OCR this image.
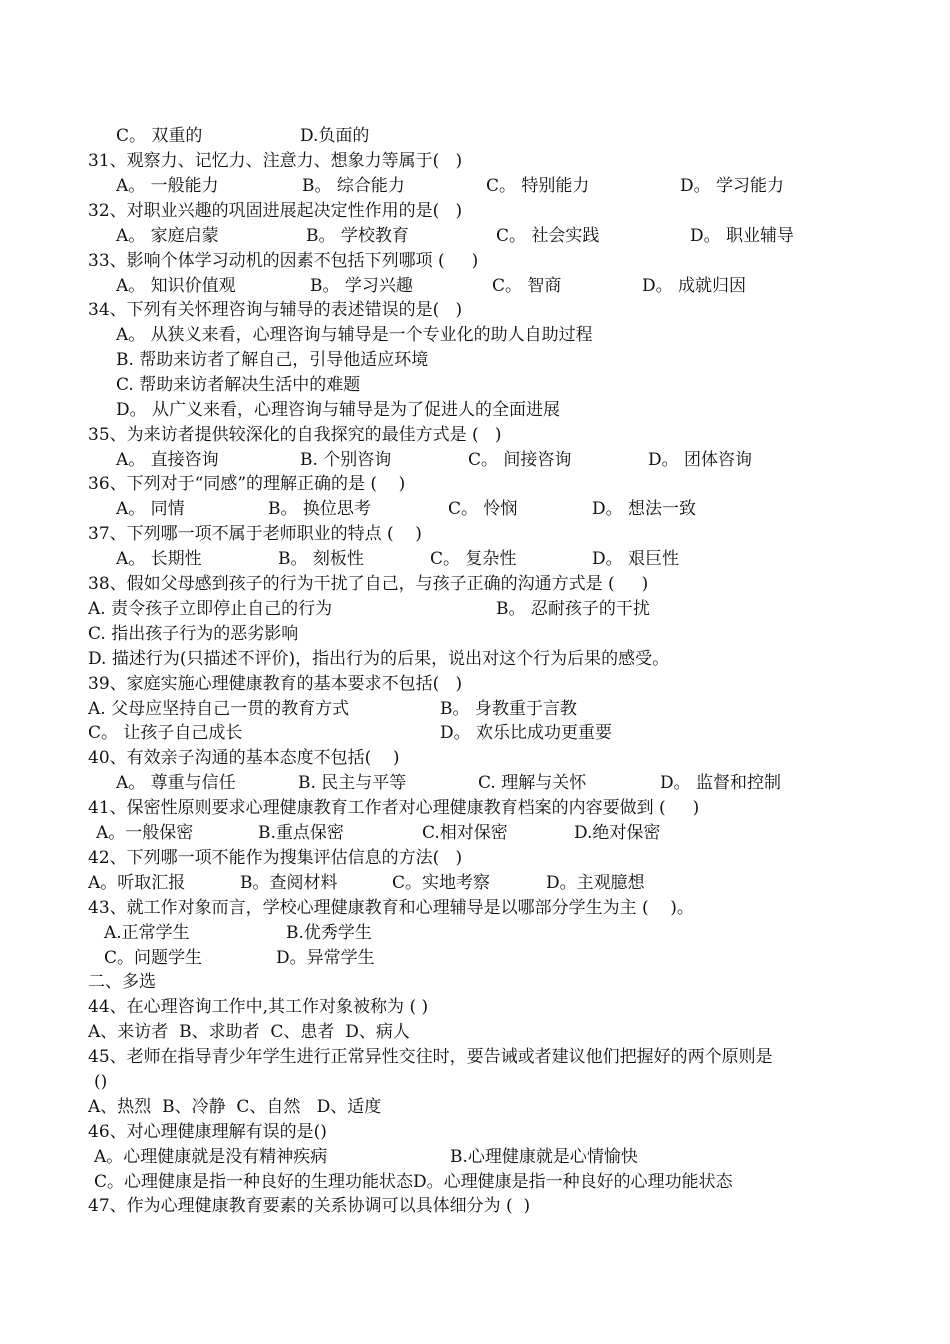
C。 双重的

	D.负面的

31、观察力、记忆力、注意力、想象力等属于(   )

A。 一般能力

	B。 综合能力

	C。 特别能力

	D。 学习能力

32、对职业兴趣的巩固进展起决定性作用的是(   )

A。 家庭启蒙

	B。 学校教育

	C。 社会实践

	D。 职业辅导

33、影响个体学习动机的因素不包括下列哪项 (     )

A。 知识价值观

	B。 学习兴趣

	C。 智商

	D。 成就归因

34、下列有关怀理咨询与辅导的表述错误的是(   )

A。 从狭义来看，心理咨询与辅导是一个专业化的助人自助过程

B. 帮助来访者了解自己，引导他适应环境

C. 帮助来访者解决生活中的难题

D。 从广义来看，心理咨询与辅导是为了促进人的全面进展

35、为来访者提供较深化的自我探究的最佳方式是 (   )

A。 直接咨询

	B. 个别咨询

	C。 间接咨询

	D。 团体咨询

36、下列对于“同感”的理解正确的是 (    )

A。 同情

	B。 换位思考

	C。 怜悯

	D。 想法一致

37、下列哪一项不属于老师职业的特点 (    )

A。 长期性

	B。 刻板性

	C。 复杂性

	D。 艰巨性

38、假如父母感到孩子的行为干扰了自己，与孩子正确的沟通方式是 (     )

A. 责令孩子立即停止自己的行为

	B。 忍耐孩子的干扰

C. 指出孩子行为的恶劣影响

D. 描述行为(只描述不评价)，指出行为的后果，说出对这个行为后果的感受。

39、家庭实施心理健康教育的基本要求不包括(   )

A. 父母应坚持自己一贯的教育方式

	B。 身教重于言教

C。 让孩子自己成长

	D。 欢乐比成功更重要

40、有效亲子沟通的基本态度不包括(    )

A。 尊重与信任

	B. 民主与平等

	C. 理解与关怀

	D。 监督和控制

41、保密性原则要求心理健康教育工作者对心理健康教育档案的内容要做到 (     )

A。一般保密

	B.重点保密

	C.相对保密

	D.绝对保密

42、下列哪一项不能作为搜集评估信息的方法(   )

A。听取汇报

	B。查阅材料

	C。实地考察

	D。主观臆想

43、就工作对象而言，学校心理健康教育和心理辅导是以哪部分学生为主 (    )。

A.正常学生

	B.优秀学生

C。问题学生

	D。异常学生

二、多选
44、在心理咨询工作中,其工作对象被称为 ( )
A、来访者  B、求助者  C、患者  D、病人
45、老师在指导青少年学生进行正常异性交往时，要告诫或者建议他们把握好的两个原则是

()

A、热烈  B、冷静  C、自然   D、适度
46、对心理健康理解有误的是()

A。心理健康就是没有精神疾病

	B.心理健康就是心情愉快

C。心理健康是指一种良好的生理功能状态D。心理健康是指一种良好的心理功能状态

47、作为心理健康教育要素的关系协调可以具体细分为 (  )
